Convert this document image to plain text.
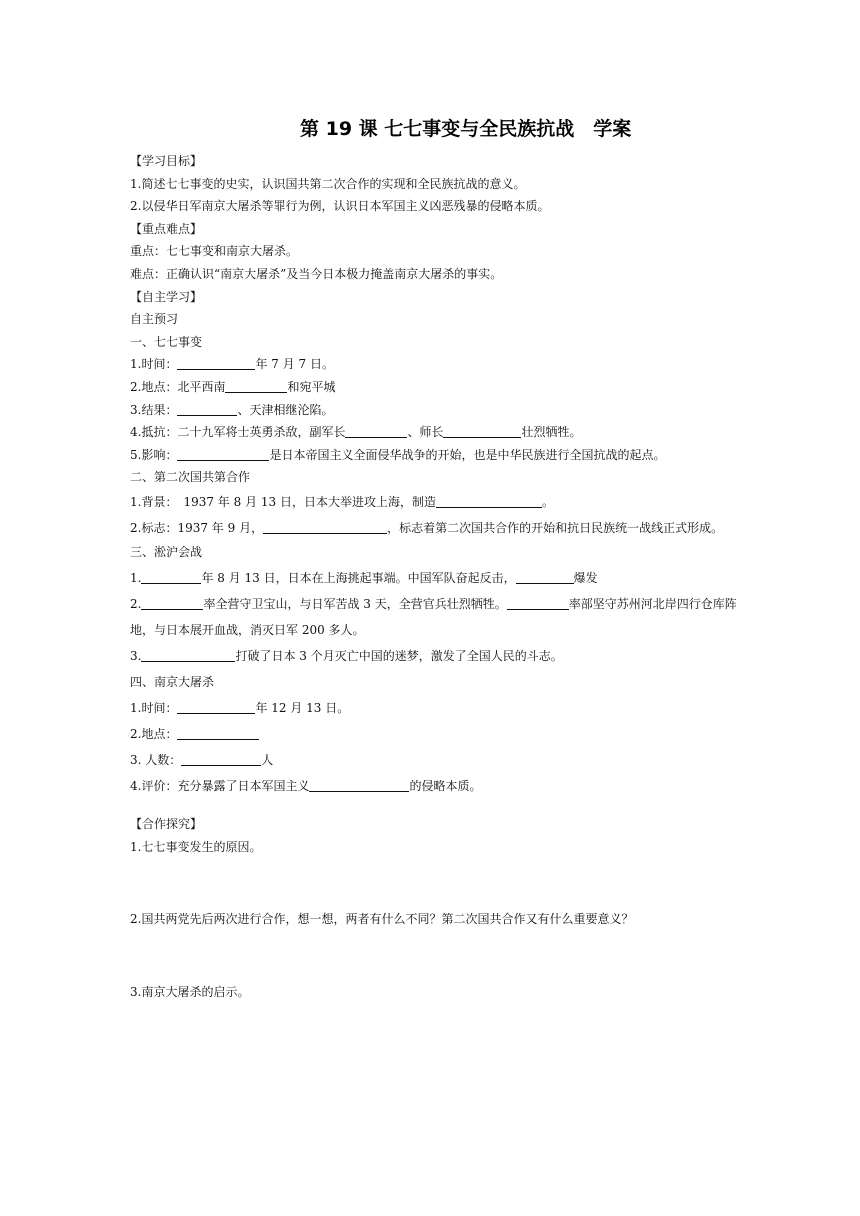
第 19 课 七七事变与全民族抗战　学案
【学习目标】
1.简述七七事变的史实，认识国共第二次合作的实现和全民族抗战的意义。
2.以侵华日军南京大屠杀等罪行为例，认识日本军国主义凶恶残暴的侵略本质。
【重点难点】
重点：七七事变和南京大屠杀。
难点：正确认识“南京大屠杀”及当今日本极力掩盖南京大屠杀的事实。
【自主学习】
自主预习
一、七七事变
1.时间：	年 7 月 7 日。
2.地点：北平西南	和宛平城
3.结果：	、天津相继沦陷。
4.抵抗：二十九军将士英勇杀敌，副军长	、师长	壮烈牺牲。
5.影响：	是日本帝国主义全面侵华战争的开始，也是中华民族进行全国抗战的起点。
二、第二次国共第合作
1.背景：　1937 年 8 月 13 日，日本大举进攻上海，制造	。
2.标志：1937 年 9 月，	，标志着第二次国共合作的开始和抗日民族统一战线正式形成。
三、淞沪会战
1.	年 8 月 13 日，日本在上海挑起事端。中国军队奋起反击，	爆发
2.	率全营守卫宝山，与日军苦战 3 天，全营官兵壮烈牺牲。	率部坚守苏州河北岸四行仓库阵地，与日本展开血战，消灭日军 200 多人。
3.	打破了日本 3 个月灭亡中国的迷梦，激发了全国人民的斗志。
四、南京大屠杀
1.时间：	年 12 月 13 日。
2.地点：
3. 人数：	人
4.评价：充分暴露了日本军国主义	的侵略本质。
【合作探究】
1.七七事变发生的原因。
2.国共两党先后两次进行合作，想一想，两者有什么不同？第二次国共合作又有什么重要意义？
3.南京大屠杀的启示。
